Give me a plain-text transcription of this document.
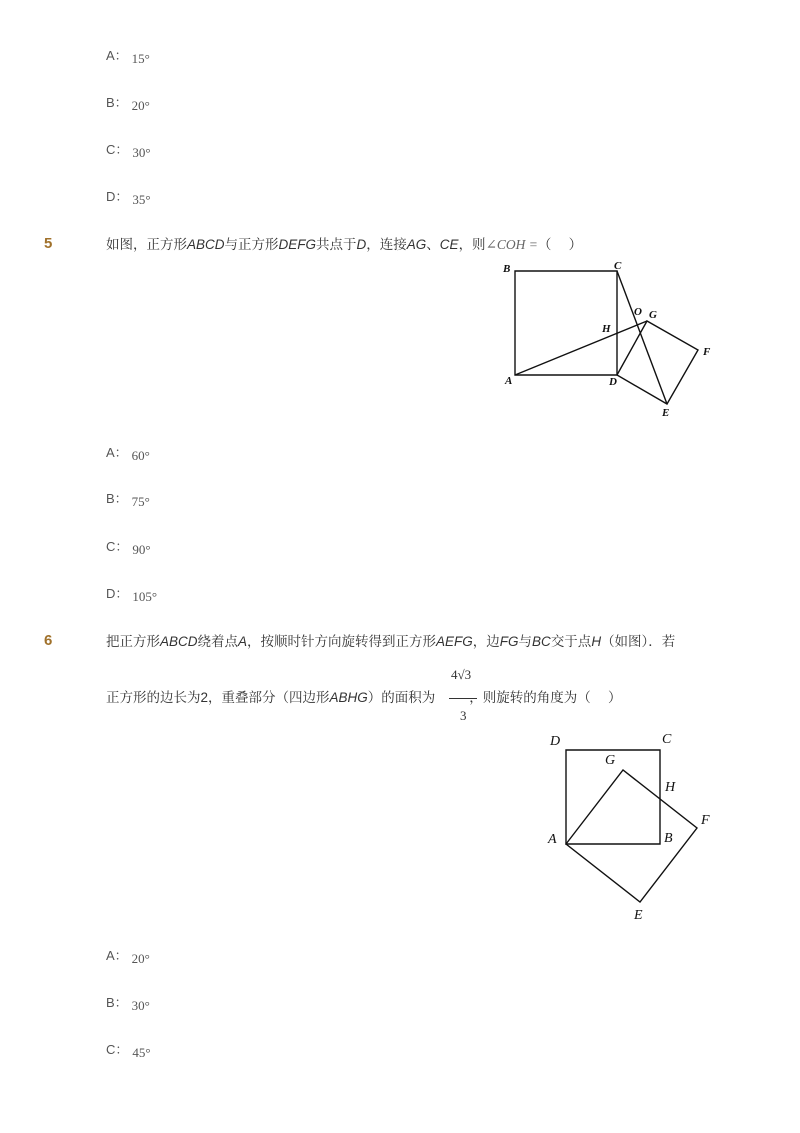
A： 15°
B： 20°
C： 30°
D： 35°
5	如图，正方形ABCD与正方形DEFG共点于D，连接AG、CE，则∠COH =（　 ）
B	C
O G
H
F
A	D
E
A： 60°
B： 75°
C： 90°
D： 105°
6	把正方形ABCD绕着点A，按顺时针方向旋转得到正方形AEFG，边FG与BC交于点H（如图）．若
4√3
3
正方形的边长为2，重叠部分（四边形ABHG）的面积为	，则旋转的角度为（　 ）
D	C
G
H
F
A	B
E
A： 20°
B： 30°
C： 45°
